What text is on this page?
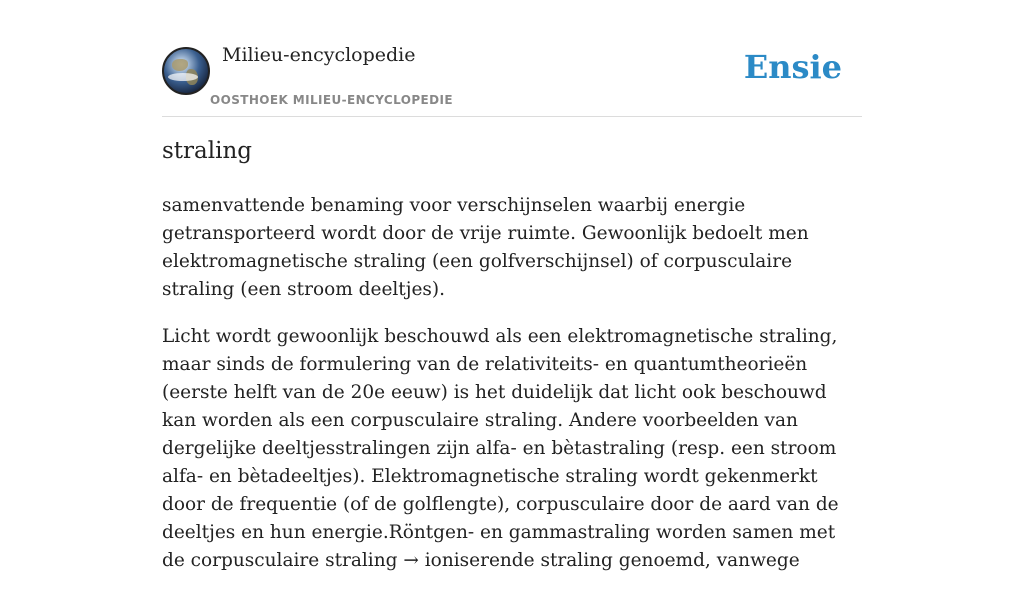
Milieu-encyclopedie
OOSTHOEK MILIEU-ENCYCLOPEDIE
Ensie
straling

samenvattende benaming voor verschijnselen waarbij energie getransporteerd wordt door de vrije ruimte. Gewoonlijk bedoelt men elektromagnetische straling (een golfverschijnsel) of corpusculaire straling (een stroom deeltjes).

Licht wordt gewoonlijk beschouwd als een elektromagnetische straling, maar sinds de formulering van de relativiteits- en quantumtheorieën (eerste helft van de 20e eeuw) is het duidelijk dat licht ook beschouwd kan worden als een corpusculaire straling. Andere voorbeelden van dergelijke deeltjesstralingen zijn alfa- en bètastraling (resp. een stroom alfa- en bètadeeltjes). Elektromagnetische straling wordt gekenmerkt door de frequentie (of de golflengte), corpusculaire door de aard van de deeltjes en hun energie.Röntgen- en gammastraling worden samen met de corpusculaire straling → ioniserende straling genoemd, vanwege
